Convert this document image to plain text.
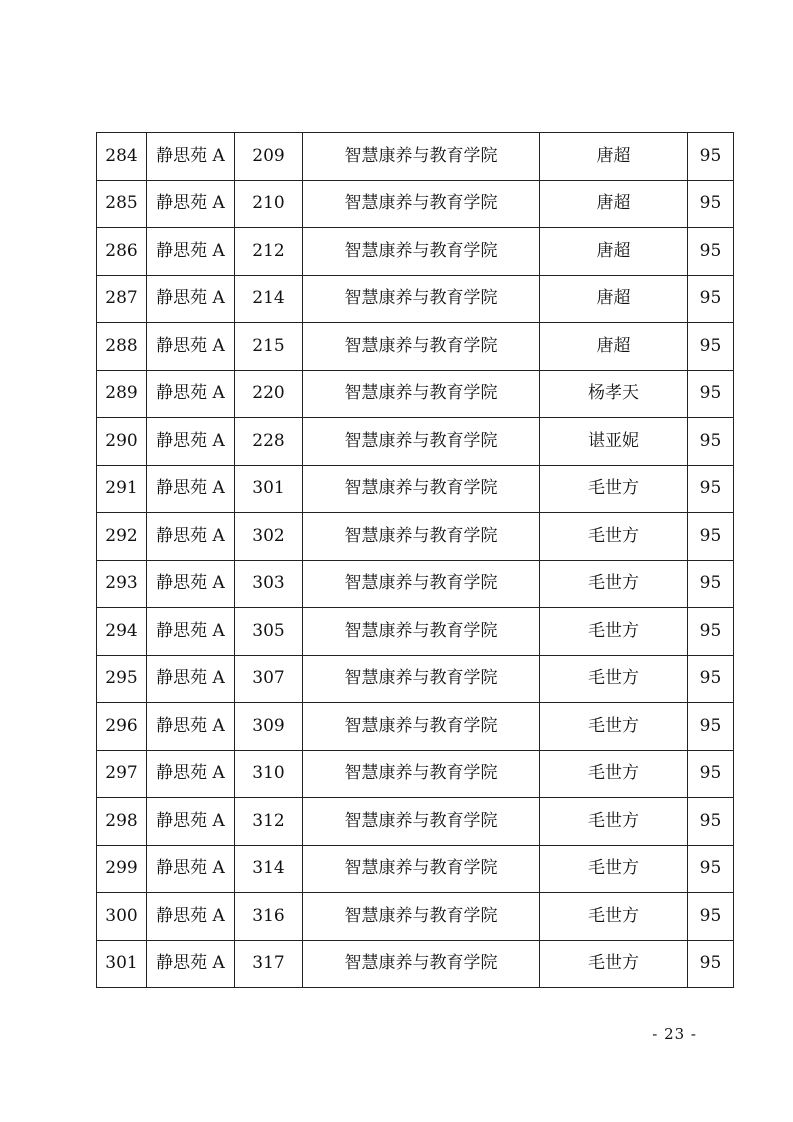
284	静思苑 A	209	智慧康养与教育学院	唐超	95
285	静思苑 A	210	智慧康养与教育学院	唐超	95
286	静思苑 A	212	智慧康养与教育学院	唐超	95
287	静思苑 A	214	智慧康养与教育学院	唐超	95
288	静思苑 A	215	智慧康养与教育学院	唐超	95
289	静思苑 A	220	智慧康养与教育学院	杨孝天	95
290	静思苑 A	228	智慧康养与教育学院	谌亚妮	95
291	静思苑 A	301	智慧康养与教育学院	毛世方	95
292	静思苑 A	302	智慧康养与教育学院	毛世方	95
293	静思苑 A	303	智慧康养与教育学院	毛世方	95
294	静思苑 A	305	智慧康养与教育学院	毛世方	95
295	静思苑 A	307	智慧康养与教育学院	毛世方	95
296	静思苑 A	309	智慧康养与教育学院	毛世方	95
297	静思苑 A	310	智慧康养与教育学院	毛世方	95
298	静思苑 A	312	智慧康养与教育学院	毛世方	95
299	静思苑 A	314	智慧康养与教育学院	毛世方	95
300	静思苑 A	316	智慧康养与教育学院	毛世方	95
301	静思苑 A	317	智慧康养与教育学院	毛世方	95
- 23 -
